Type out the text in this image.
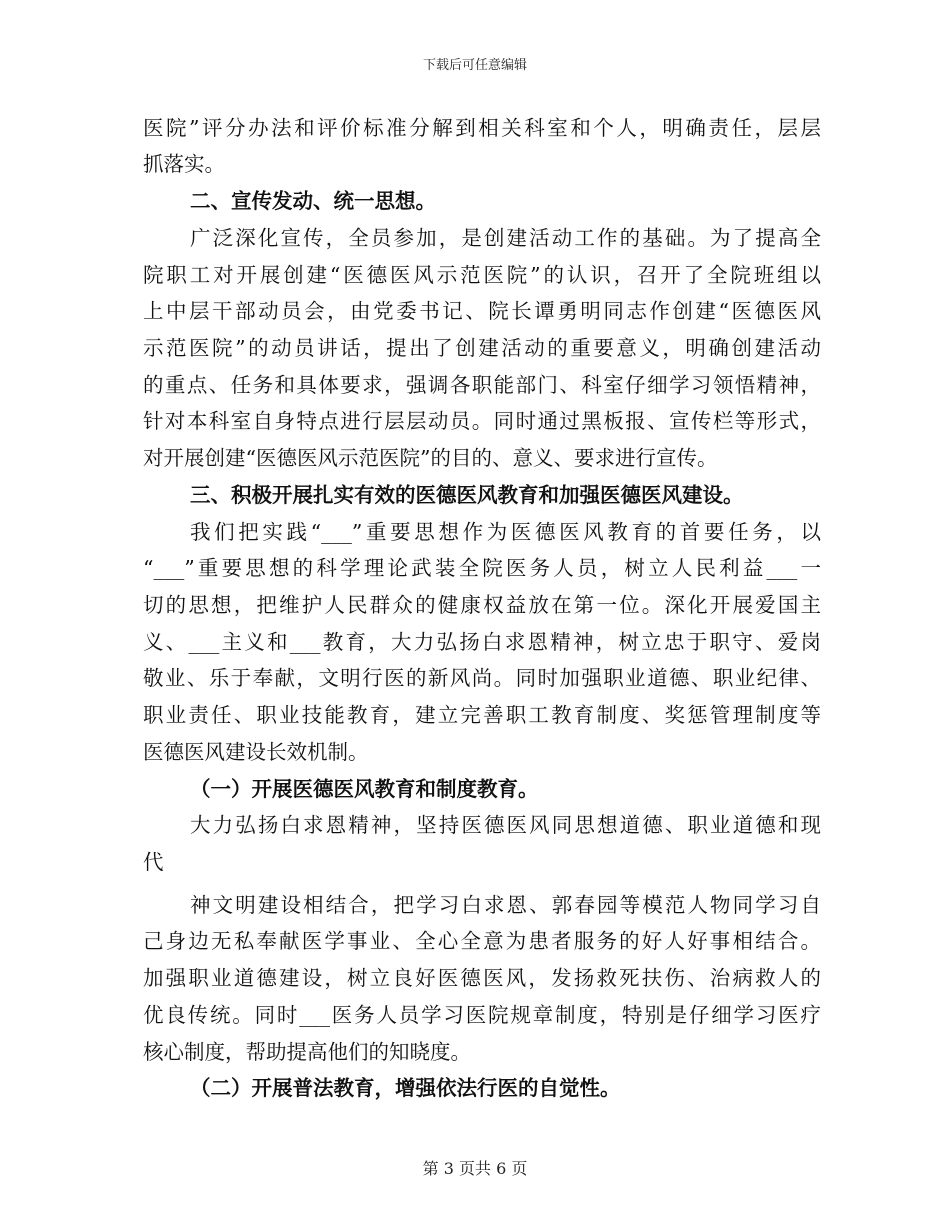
下载后可任意编辑
医院”评分办法和评价标准分解到相关科室和个人，明确责任，层层
抓落实。
二、宣传发动、统一思想。
广泛深化宣传，全员参加，是创建活动工作的基础。为了提高全
院职工对开展创建“医德医风示范医院”的认识，召开了全院班组以
上中层干部动员会，由党委书记、院长谭勇明同志作创建“医德医风
示范医院”的动员讲话，提出了创建活动的重要意义，明确创建活动
的重点、任务和具体要求，强调各职能部门、科室仔细学习领悟精神，
针对本科室自身特点进行层层动员。同时通过黑板报、宣传栏等形式，
对开展创建“医德医风示范医院”的目的、意义、要求进行宣传。
三、积极开展扎实有效的医德医风教育和加强医德医风建设。
我们把实践“___”重要思想作为医德医风教育的首要任务，以
“___”重要思想的科学理论武装全院医务人员，树立人民利益___一
切的思想，把维护人民群众的健康权益放在第一位。深化开展爱国主
义、___主义和___教育，大力弘扬白求恩精神，树立忠于职守、爱岗
敬业、乐于奉献，文明行医的新风尚。同时加强职业道德、职业纪律、
职业责任、职业技能教育，建立完善职工教育制度、奖惩管理制度等
医德医风建设长效机制。
（一）开展医德医风教育和制度教育。
大力弘扬白求恩精神，坚持医德医风同思想道德、职业道德和现
代
神文明建设相结合，把学习白求恩、郭春园等模范人物同学习自
己身边无私奉献医学事业、全心全意为患者服务的好人好事相结合。
加强职业道德建设，树立良好医德医风，发扬救死扶伤、治病救人的
优良传统。同时___医务人员学习医院规章制度，特别是仔细学习医疗
核心制度，帮助提高他们的知晓度。
（二）开展普法教育，增强依法行医的自觉性。
第 3 页共 6 页
